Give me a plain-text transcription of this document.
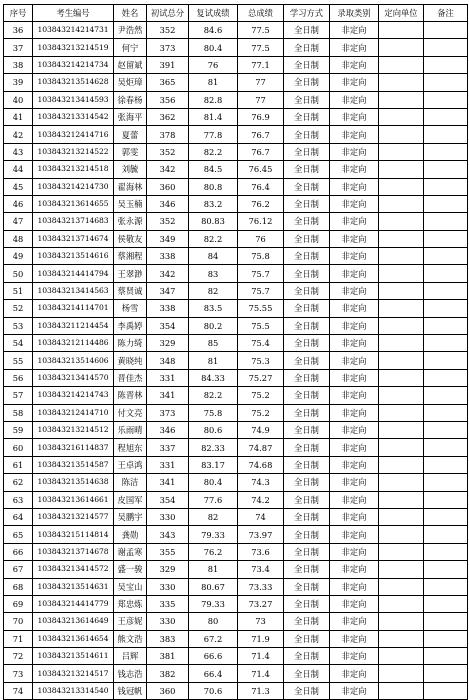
序号	考生编号	姓名	初试总分	复试成绩	总成绩	学习方式	录取类别	定向单位	备注
36	103843214214731	尹浩然	352	84.6	77.5	全日制	非定向		
37	103843213214519	何宁	373	80.4	77.5	全日制	非定向		
38	103843214214734	赵留斌	391	76	77.1	全日制	非定向		
39	103843213514628	吴炬璋	365	81	77	全日制	非定向		
40	103843213414593	徐春杨	356	82.8	77	全日制	非定向		
41	103843213314542	张海平	362	81.4	76.9	全日制	非定向		
42	103843212414716	夏蕾	378	77.8	76.7	全日制	非定向		
43	103843213214522	郭雯	352	82.2	76.7	全日制	非定向		
44	103843213214518	刘毓	342	84.5	76.45	全日制	非定向		
45	103843214214730	翟海林	360	80.8	76.4	全日制	非定向		
46	103843213614655	吴玉楠	346	83.2	76.2	全日制	非定向		
47	103843213714683	张永源	352	80.83	76.12	全日制	非定向		
48	103843213714674	侯敬友	349	82.2	76	全日制	非定向		
49	103843213514616	蔡湘程	338	84	75.8	全日制	非定向		
50	103843214414794	王翠渺	342	83	75.7	全日制	非定向		
51	103843213414563	蔡贤诚	347	82	75.7	全日制	非定向		
52	103843214114701	杨雪	338	83.5	75.55	全日制	非定向		
53	103843211214454	李禹婷	354	80.2	75.5	全日制	非定向		
54	103843212114486	陈力绮	329	85	75.4	全日制	非定向		
55	103843213514606	黄晓纯	348	81	75.3	全日制	非定向		
56	103843213414570	晋佳杰	331	84.33	75.27	全日制	非定向		
57	103843214214743	陈晋林	341	82.2	75.2	全日制	非定向		
58	103843212414710	付文亮	373	75.8	75.2	全日制	非定向		
59	103843213214512	乐雨晴	346	80.6	74.9	全日制	非定向		
60	103843216114837	程旭东	337	82.33	74.87	全日制	非定向		
61	103843213514587	王卓鸿	331	83.17	74.68	全日制	非定向		
62	103843213514638	陈洁	341	80.4	74.3	全日制	非定向		
63	103843213614661	皮国军	354	77.6	74.2	全日制	非定向		
64	103843213214577	吴鹏宇	330	82	74	全日制	非定向		
65	103843215114814	龚勋	343	79.33	73.97	全日制	非定向		
66	103843213714678	谢孟寒	355	76.2	73.6	全日制	非定向		
67	103843213414572	盛一骏	329	81	73.4	全日制	非定向		
68	103843213514631	吴宝山	330	80.67	73.33	全日制	非定向		
69	103843214414779	郑忠炼	335	79.33	73.27	全日制	非定向		
70	103843213614649	王彦妮	330	80	73	全日制	非定向		
71	103843213614654	熊文浩	383	67.2	71.9	全日制	非定向		
72	103843213514611	吕辉	381	66.6	71.4	全日制	非定向		
73	103843213214517	钱志浩	382	66.4	71.4	全日制	非定向		
74	103843213314540	钱冠帆	360	70.6	71.3	全日制	非定向		
